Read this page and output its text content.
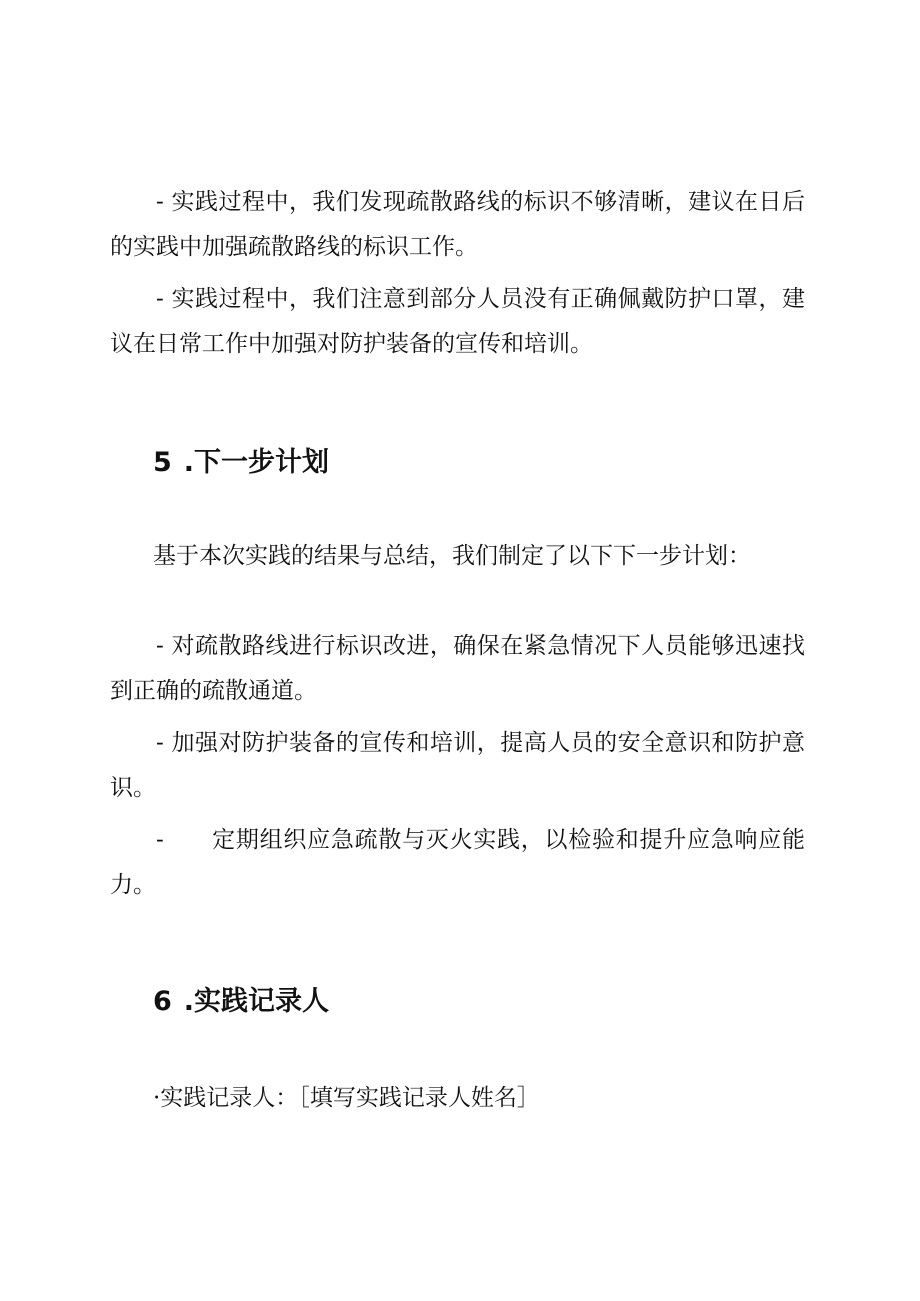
- 实践过程中，我们发现疏散路线的标识不够清晰，建议在日后的实践中加强疏散路线的标识工作。

- 实践过程中，我们注意到部分人员没有正确佩戴防护口罩，建议在日常工作中加强对防护装备的宣传和培训。

5 .下一步计划

基于本次实践的结果与总结，我们制定了以下下一步计划：

- 对疏散路线进行标识改进，确保在紧急情况下人员能够迅速找到正确的疏散通道。

- 加强对防护装备的宣传和培训，提高人员的安全意识和防护意识。

-      定期组织应急疏散与灭火实践，以检验和提升应急响应能力。

6 .实践记录人

·实践记录人：［填写实践记录人姓名］
